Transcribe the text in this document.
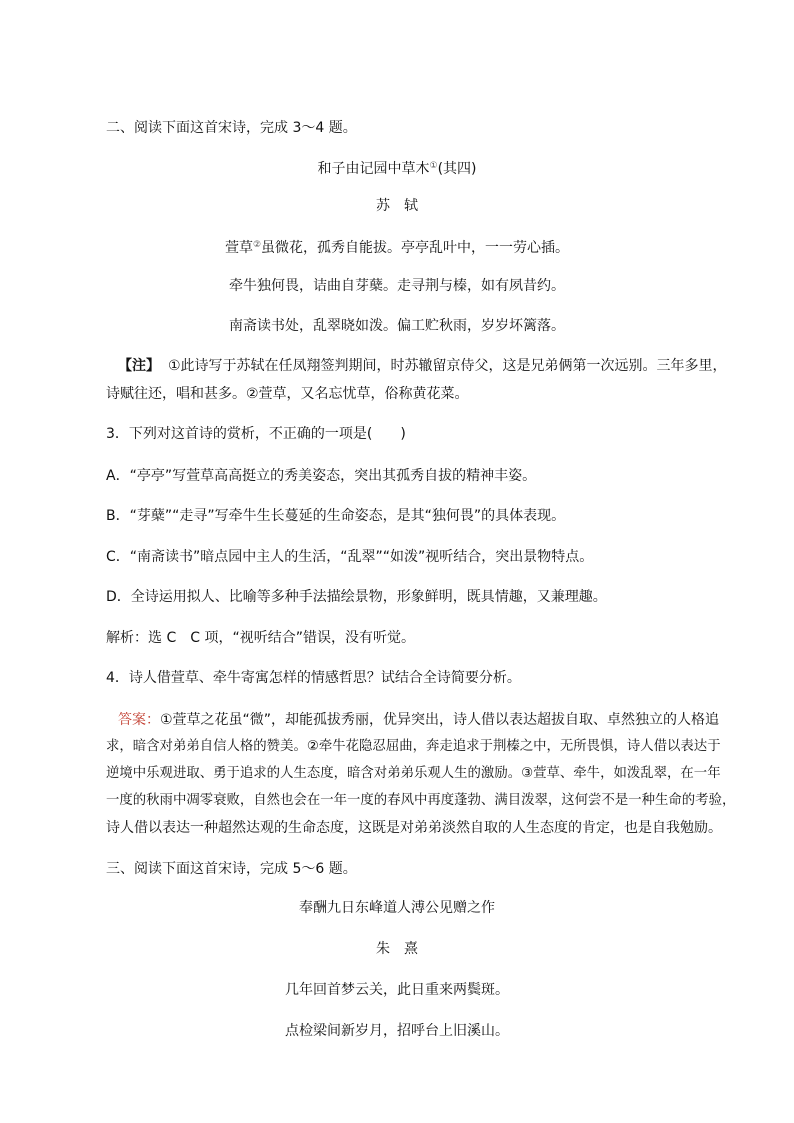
二、阅读下面这首宋诗，完成 3～4 题。
和子由记园中草木①(其四)
苏　轼
萱草②虽微花，孤秀自能拔。亭亭乱叶中，一一劳心插。
牵牛独何畏，诘曲自芽蘖。走寻荆与榛，如有夙昔约。
南斋读书处，乱翠晓如泼。偏工贮秋雨，岁岁坏篱落。
【注】 ①此诗写于苏轼在任凤翔签判期间，时苏辙留京侍父，这是兄弟俩第一次远别。三年多里，
诗赋往还，唱和甚多。②萱草，又名忘忧草，俗称黄花菜。
3．下列对这首诗的赏析，不正确的一项是(　　)
A．“亭亭”写萱草高高挺立的秀美姿态，突出其孤秀自拔的精神丰姿。
B．“芽蘖”“走寻”写牵牛生长蔓延的生命姿态，是其“独何畏”的具体表现。
C．“南斋读书”暗点园中主人的生活，“乱翠”“如泼”视听结合，突出景物特点。
D．全诗运用拟人、比喻等多种手法描绘景物，形象鲜明，既具情趣，又兼理趣。
解析：选 C　C 项，“视听结合”错误，没有听觉。
4．诗人借萱草、牵牛寄寓怎样的情感哲思？试结合全诗简要分析。
答案：①萱草之花虽“微”，却能孤拔秀丽，优异突出，诗人借以表达超拔自取、卓然独立的人格追
求，暗含对弟弟自信人格的赞美。②牵牛花隐忍屈曲，奔走追求于荆榛之中，无所畏惧，诗人借以表达于
逆境中乐观进取、勇于追求的人生态度，暗含对弟弟乐观人生的激励。③萱草、牵牛，如泼乱翠，在一年
一度的秋雨中凋零衰败，自然也会在一年一度的春风中再度蓬勃、满目泼翠，这何尝不是一种生命的考验，
诗人借以表达一种超然达观的生命态度，这既是对弟弟淡然自取的人生态度的肯定，也是自我勉励。
三、阅读下面这首宋诗，完成 5～6 题。
奉酬九日东峰道人溥公见赠之作
朱　熹
几年回首梦云关，此日重来两鬓斑。
点检梁间新岁月，招呼台上旧溪山。
